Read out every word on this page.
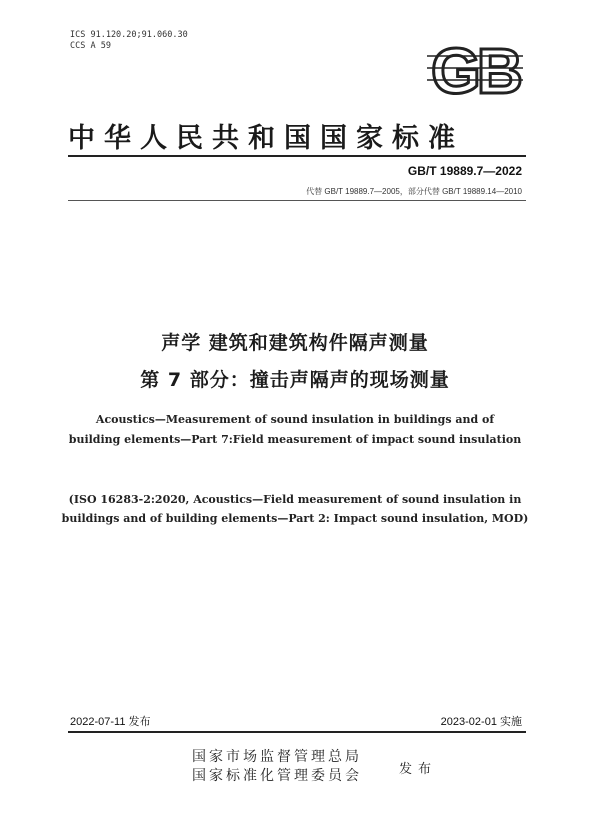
ICS 91.120.20;91.060.30
CCS A 59	GB
中华人民共和国国家标准
GB/T 19889.7—2022
代替 GB/T 19889.7—2005，部分代替 GB/T 19889.14—2010
声学 建筑和建筑构件隔声测量
第 7 部分：撞击声隔声的现场测量
Acoustics—Measurement of sound insulation in buildings and of
building elements—Part 7:Field measurement of impact sound insulation
(ISO 16283-2:2020, Acoustics—Field measurement of sound insulation in
buildings and of building elements—Part 2: Impact sound insulation, MOD)
2022-07-11 发布	2023-02-01 实施
国家市场监督管理总局
国家标准化管理委员会	发布
